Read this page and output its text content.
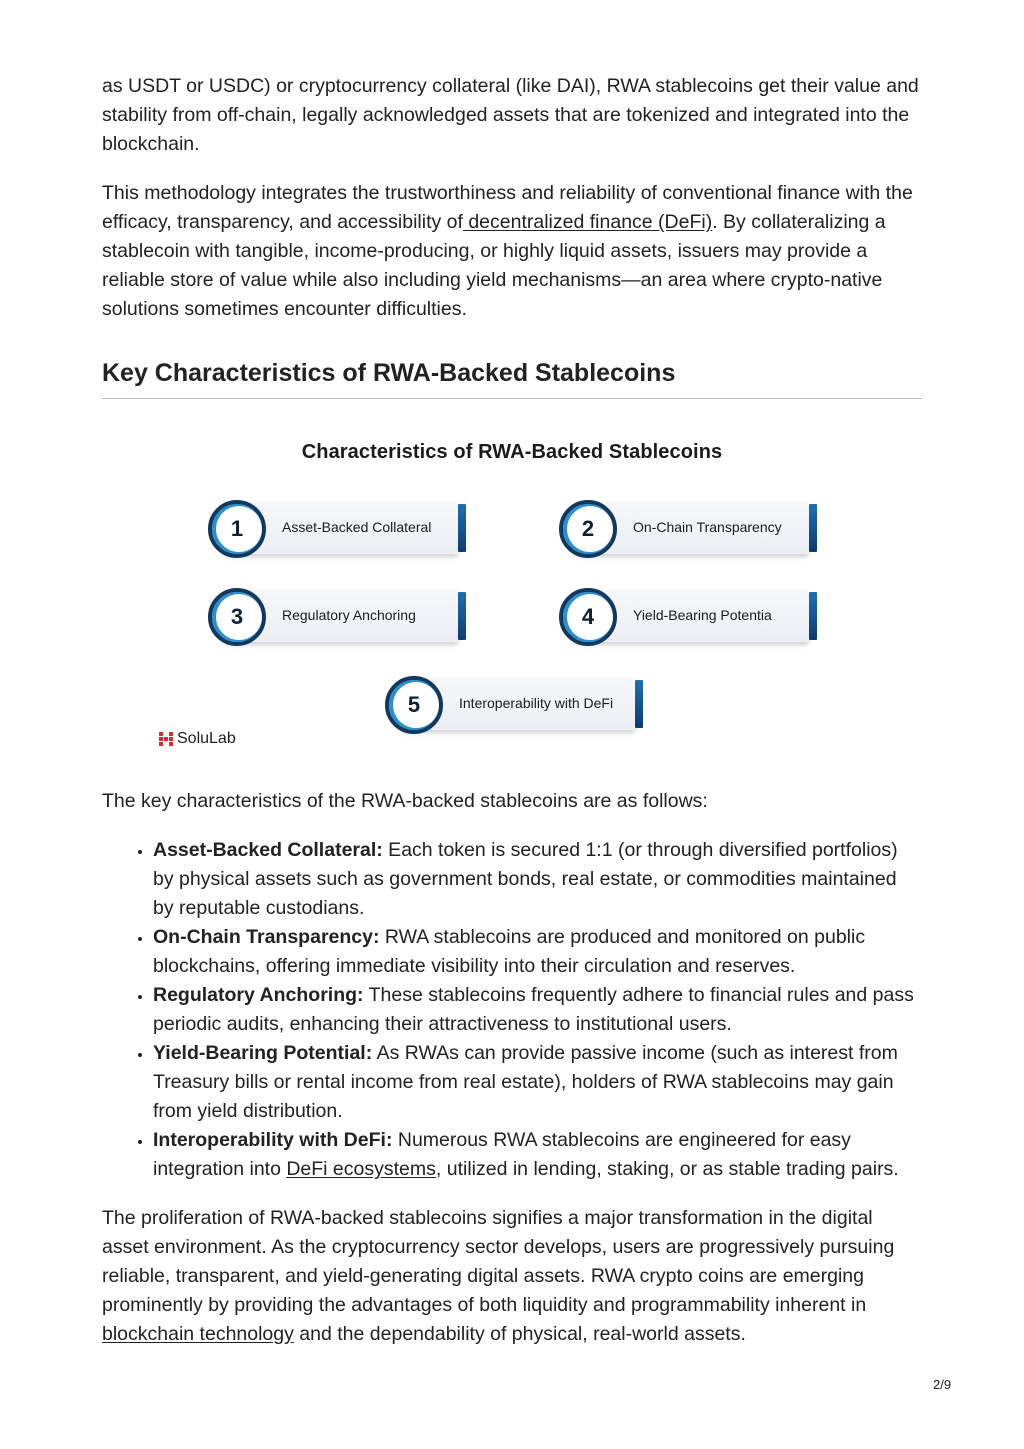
as USDT or USDC) or cryptocurrency collateral (like DAI), RWA stablecoins get their value and stability from off-chain, legally acknowledged assets that are tokenized and integrated into the blockchain.

This methodology integrates the trustworthiness and reliability of conventional finance with the efficacy, transparency, and accessibility of decentralized finance (DeFi). By collateralizing a stablecoin with tangible, income-producing, or highly liquid assets, issuers may provide a reliable store of value while also including yield mechanisms—an area where crypto-native solutions sometimes encounter difficulties.

Key Characteristics of RWA-Backed Stablecoins
Characteristics of RWA-Backed Stablecoins
1	Asset-Backed Collateral	2	On-Chain Transparency
3	Regulatory Anchoring	4	Yield-Bearing Potentia
5	Interoperability with DeFi
SoluLab

The key characteristics of the RWA-backed stablecoins are as follows:

• Asset-Backed Collateral: Each token is secured 1:1 (or through diversified portfolios) by physical assets such as government bonds, real estate, or commodities maintained by reputable custodians.
• On-Chain Transparency: RWA stablecoins are produced and monitored on public blockchains, offering immediate visibility into their circulation and reserves.
• Regulatory Anchoring: These stablecoins frequently adhere to financial rules and pass periodic audits, enhancing their attractiveness to institutional users.
• Yield-Bearing Potential: As RWAs can provide passive income (such as interest from Treasury bills or rental income from real estate), holders of RWA stablecoins may gain from yield distribution.
• Interoperability with DeFi: Numerous RWA stablecoins are engineered for easy integration into DeFi ecosystems, utilized in lending, staking, or as stable trading pairs.

The proliferation of RWA-backed stablecoins signifies a major transformation in the digital asset environment. As the cryptocurrency sector develops, users are progressively pursuing reliable, transparent, and yield-generating digital assets. RWA crypto coins are emerging prominently by providing the advantages of both liquidity and programmability inherent in blockchain technology and the dependability of physical, real-world assets.

2/9
